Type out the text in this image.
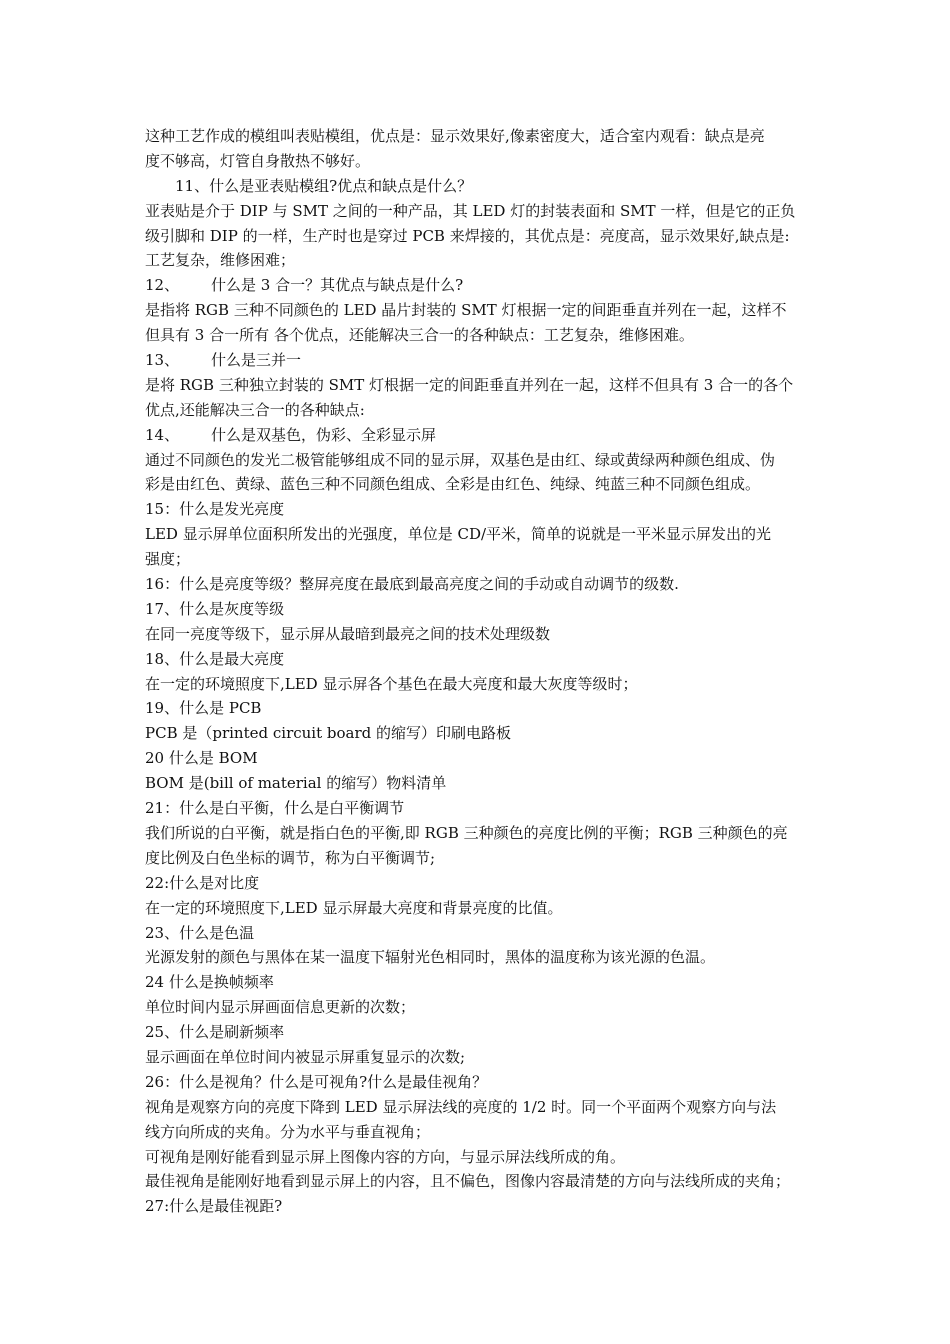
这种工艺作成的模组叫表贴模组，优点是：显示效果好,像素密度大，适合室内观看：缺点是亮
度不够高，灯管自身散热不够好。
11、什么是亚表贴模组?优点和缺点是什么？
亚表贴是介于 DIP 与 SMT 之间的一种产品，其 LED 灯的封装表面和 SMT 一样，但是它的正负
级引脚和 DIP 的一样，生产时也是穿过 PCB 来焊接的，其优点是：亮度高，显示效果好,缺点是:
工艺复杂，维修困难；
12、 什么是 3 合一？其优点与缺点是什么?
是指将 RGB 三种不同颜色的 LED 晶片封装的 SMT 灯根据一定的间距垂直并列在一起，这样不
但具有 3 合一所有 各个优点，还能解决三合一的各种缺点：工艺复杂，维修困难。
13、 什么是三并一
是将 RGB 三种独立封装的 SMT 灯根据一定的间距垂直并列在一起，这样不但具有 3 合一的各个
优点,还能解决三合一的各种缺点:
14、 什么是双基色，伪彩、全彩显示屏
通过不同颜色的发光二极管能够组成不同的显示屏，双基色是由红、绿或黄绿两种颜色组成、伪
彩是由红色、黄绿、蓝色三种不同颜色组成、全彩是由红色、纯绿、纯蓝三种不同颜色组成。
15：什么是发光亮度
LED 显示屏单位面积所发出的光强度，单位是 CD/平米，简单的说就是一平米显示屏发出的光
强度；
16：什么是亮度等级？整屏亮度在最底到最高亮度之间的手动或自动调节的级数.
17、什么是灰度等级
在同一亮度等级下，显示屏从最暗到最亮之间的技术处理级数
18、什么是最大亮度
在一定的环境照度下,LED 显示屏各个基色在最大亮度和最大灰度等级时；
19、什么是 PCB
PCB 是（printed circuit board 的缩写）印刷电路板
20 什么是 BOM
BOM 是(bill of material 的缩写）物料清单
21：什么是白平衡，什么是白平衡调节
我们所说的白平衡，就是指白色的平衡,即 RGB 三种颜色的亮度比例的平衡；RGB 三种颜色的亮
度比例及白色坐标的调节，称为白平衡调节;
22:什么是对比度
在一定的环境照度下,LED 显示屏最大亮度和背景亮度的比值。
23、什么是色温
光源发射的颜色与黑体在某一温度下辐射光色相同时，黑体的温度称为该光源的色温。
24 什么是换帧频率
单位时间内显示屏画面信息更新的次数；
25、什么是刷新频率
显示画面在单位时间内被显示屏重复显示的次数;
26：什么是视角？什么是可视角?什么是最佳视角？
视角是观察方向的亮度下降到 LED 显示屏法线的亮度的 1/2 时。同一个平面两个观察方向与法
线方向所成的夹角。分为水平与垂直视角；
可视角是刚好能看到显示屏上图像内容的方向，与显示屏法线所成的角。
最佳视角是能刚好地看到显示屏上的内容，且不偏色，图像内容最清楚的方向与法线所成的夹角；
27:什么是最佳视距?
